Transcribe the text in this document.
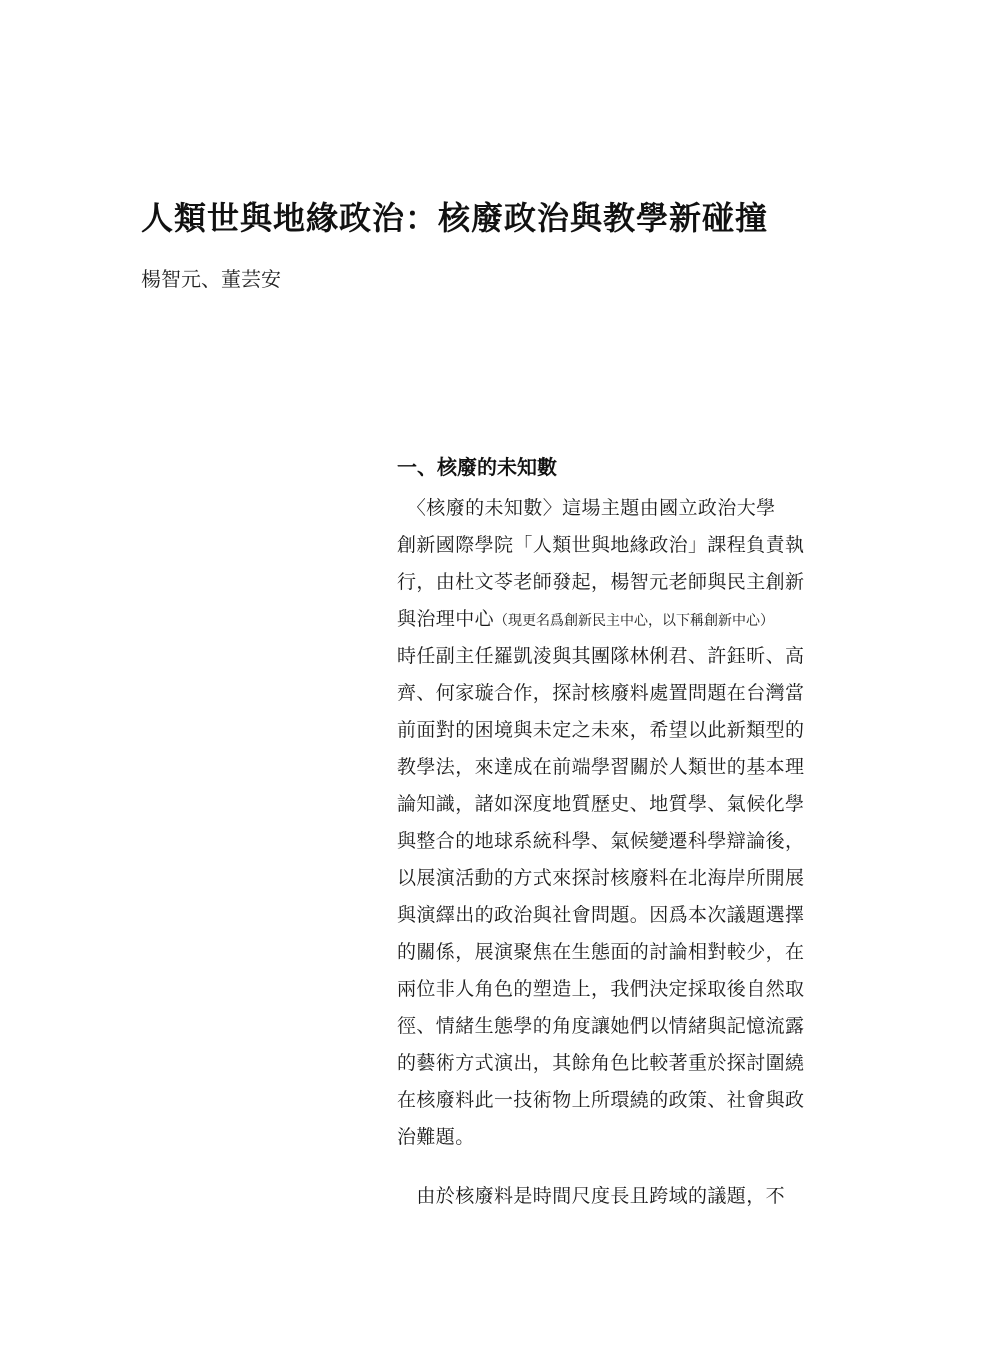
人類世與地緣政治：核廢政治與教學新碰撞
楊智元、董芸安
一、核廢的未知數
　〈核廢的未知數〉這場主題由國立政治大學
創新國際學院「人類世與地緣政治」課程負責執
行，由杜文苓老師發起，楊智元老師與民主創新
與治理中心（現更名爲創新民主中心，以下稱創新中心）
時任副主任羅凱淩與其團隊林俐君、許鈺昕、高
齊、何家璇合作，探討核廢料處置問題在台灣當
前面對的困境與未定之未來，希望以此新類型的
教學法，來達成在前端學習關於人類世的基本理
論知識，諸如深度地質歷史、地質學、氣候化學
與整合的地球系統科學、氣候變遷科學辯論後，
以展演活動的方式來探討核廢料在北海岸所開展
與演繹出的政治與社會問題。因爲本次議題選擇
的關係，展演聚焦在生態面的討論相對較少，在
兩位非人角色的塑造上，我們決定採取後自然取
徑、情緒生態學的角度讓她們以情緒與記憶流露
的藝術方式演出，其餘角色比較著重於探討圍繞
在核廢料此一技術物上所環繞的政策、社會與政
治難題。
　由於核廢料是時間尺度長且跨域的議題，不
